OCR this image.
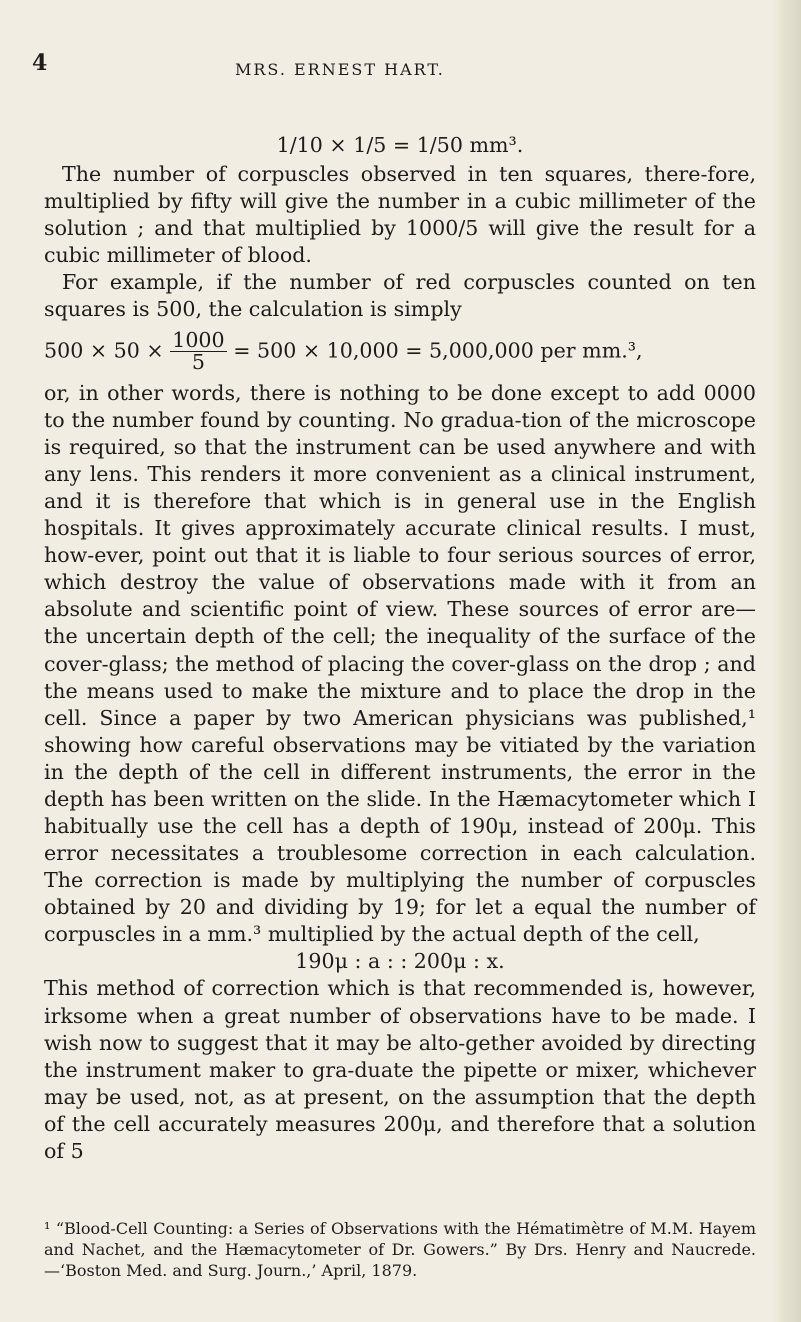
4	MRS. ERNEST HART.
1/10 × 1/5 = 1/50 mm³.

The number of corpuscles observed in ten squares, there-fore, multiplied by fifty will give the number in a cubic millimeter of the solution ; and that multiplied by 1000/5 will give the result for a cubic millimeter of blood.

For example, if the number of red corpuscles counted on ten squares is 500, the calculation is simply

$500 \times 50 \times \frac{1000}{5} = 500 \times 10,000 = 5,000,000$ per mm.³,

or, in other words, there is nothing to be done except to add 0000 to the number found by counting. No gradua-tion of the microscope is required, so that the instrument can be used anywhere and with any lens. This renders it more convenient as a clinical instrument, and it is therefore that which is in general use in the English hospitals. It gives approximately accurate clinical results. I must, how-ever, point out that it is liable to four serious sources of error, which destroy the value of observations made with it from an absolute and scientific point of view. These sources of error are—the uncertain depth of the cell; the inequality of the surface of the cover-glass; the method of placing the cover-glass on the drop ; and the means used to make the mixture and to place the drop in the cell. Since a paper by two American physicians was published,¹ showing how careful observations may be vitiated by the variation in the depth of the cell in different instruments, the error in the depth has been written on the slide. In the Hæmacytometer which I habitually use the cell has a depth of 190μ, instead of 200μ. This error necessitates a troublesome correction in each calculation. The correction is made by multiplying the number of corpuscles obtained by 20 and dividing by 19; for let a equal the number of corpuscles in a mm.³ multiplied by the actual depth of the cell,

190μ : a : : 200μ : x.

This method of correction which is that recommended is, however, irksome when a great number of observations have to be made. I wish now to suggest that it may be alto-gether avoided by directing the instrument maker to gra-duate the pipette or mixer, whichever may be used, not, as at present, on the assumption that the depth of the cell accurately measures 200μ, and therefore that a solution of 5

¹ “Blood-Cell Counting: a Series of Observations with the Hématimètre of M.M. Hayem and Nachet, and the Hæmacytometer of Dr. Gowers.” By Drs. Henry and Naucrede.—‘Boston Med. and Surg. Journ.,’ April, 1879.
